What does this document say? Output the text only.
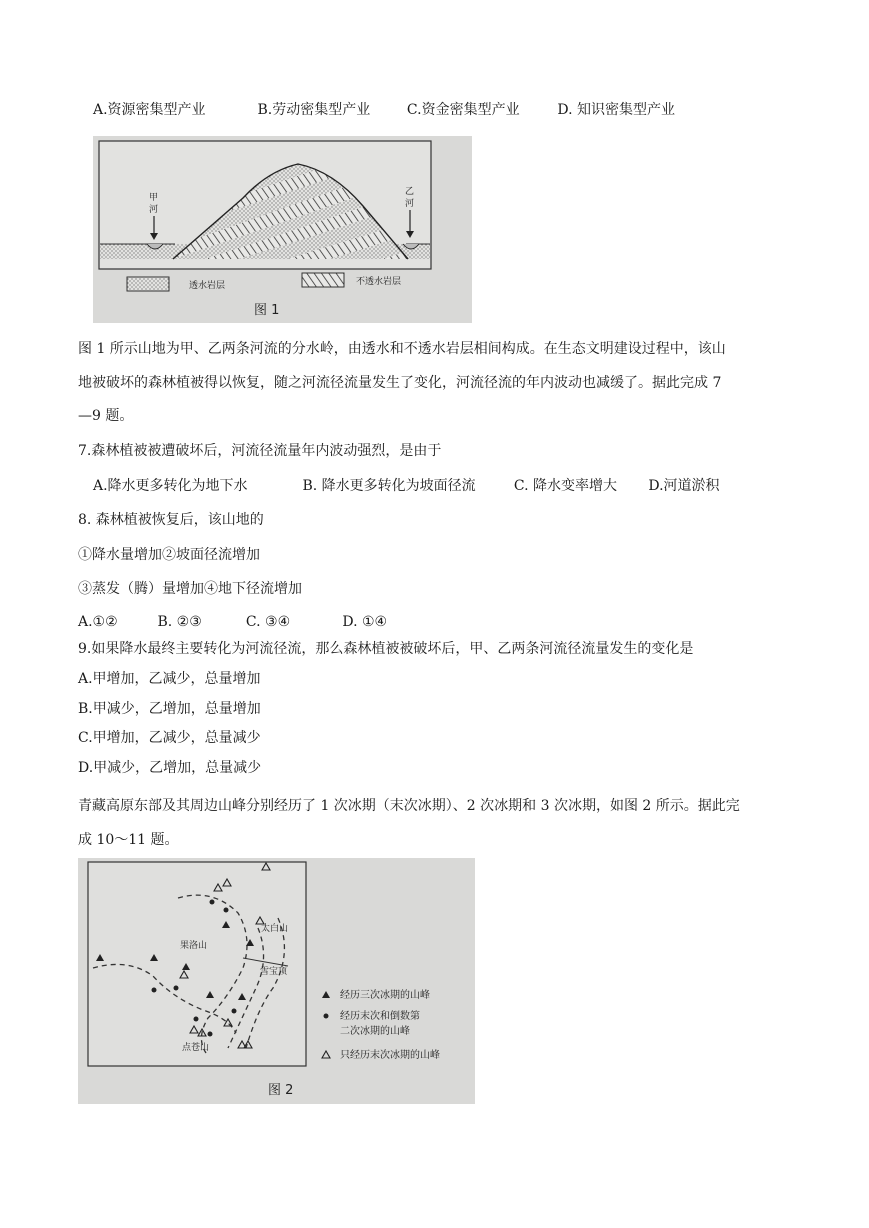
A.资源密集型产业	B.劳动密集型产业	C.资金密集型产业	D. 知识密集型产业
甲
河
乙
河
透水岩层	不透水岩层
图 1
图 1 所示山地为甲、乙两条河流的分水岭，由透水和不透水岩层相间构成。在生态文明建设过程中，该山
地被破坏的森林植被得以恢复，随之河流径流量发生了变化，河流径流的年内波动也减缓了。据此完成 7
—9 题。
7.森林植被被遭破坏后，河流径流量年内波动强烈，是由于
A.降水更多转化为地下水	B. 降水更多转化为坡面径流	C. 降水变率增大 D.河道淤积
8. 森林植被恢复后，该山地的
①降水量增加②坡面径流增加
③蒸发（腾）量增加④地下径流增加
A.①②	B. ②③	C. ③④	D. ①④
9.如果降水最终主要转化为河流径流，那么森林植被被破坏后，甲、乙两条河流径流量发生的变化是
A.甲增加，乙减少，总量增加
B.甲减少，乙增加，总量增加
C.甲增加，乙减少，总量减少
D.甲减少，乙增加，总量减少
青藏高原东部及其周边山峰分别经历了 1 次冰期（末次冰期）、2 次冰期和 3 次冰期，如图 2 所示。据此完
成 10～11 题。
太白山
果洛山
雪宝顶
点苍山
经历三次冰期的山峰
经历末次和倒数第
二次冰期的山峰
只经历末次冰期的山峰
图 2
